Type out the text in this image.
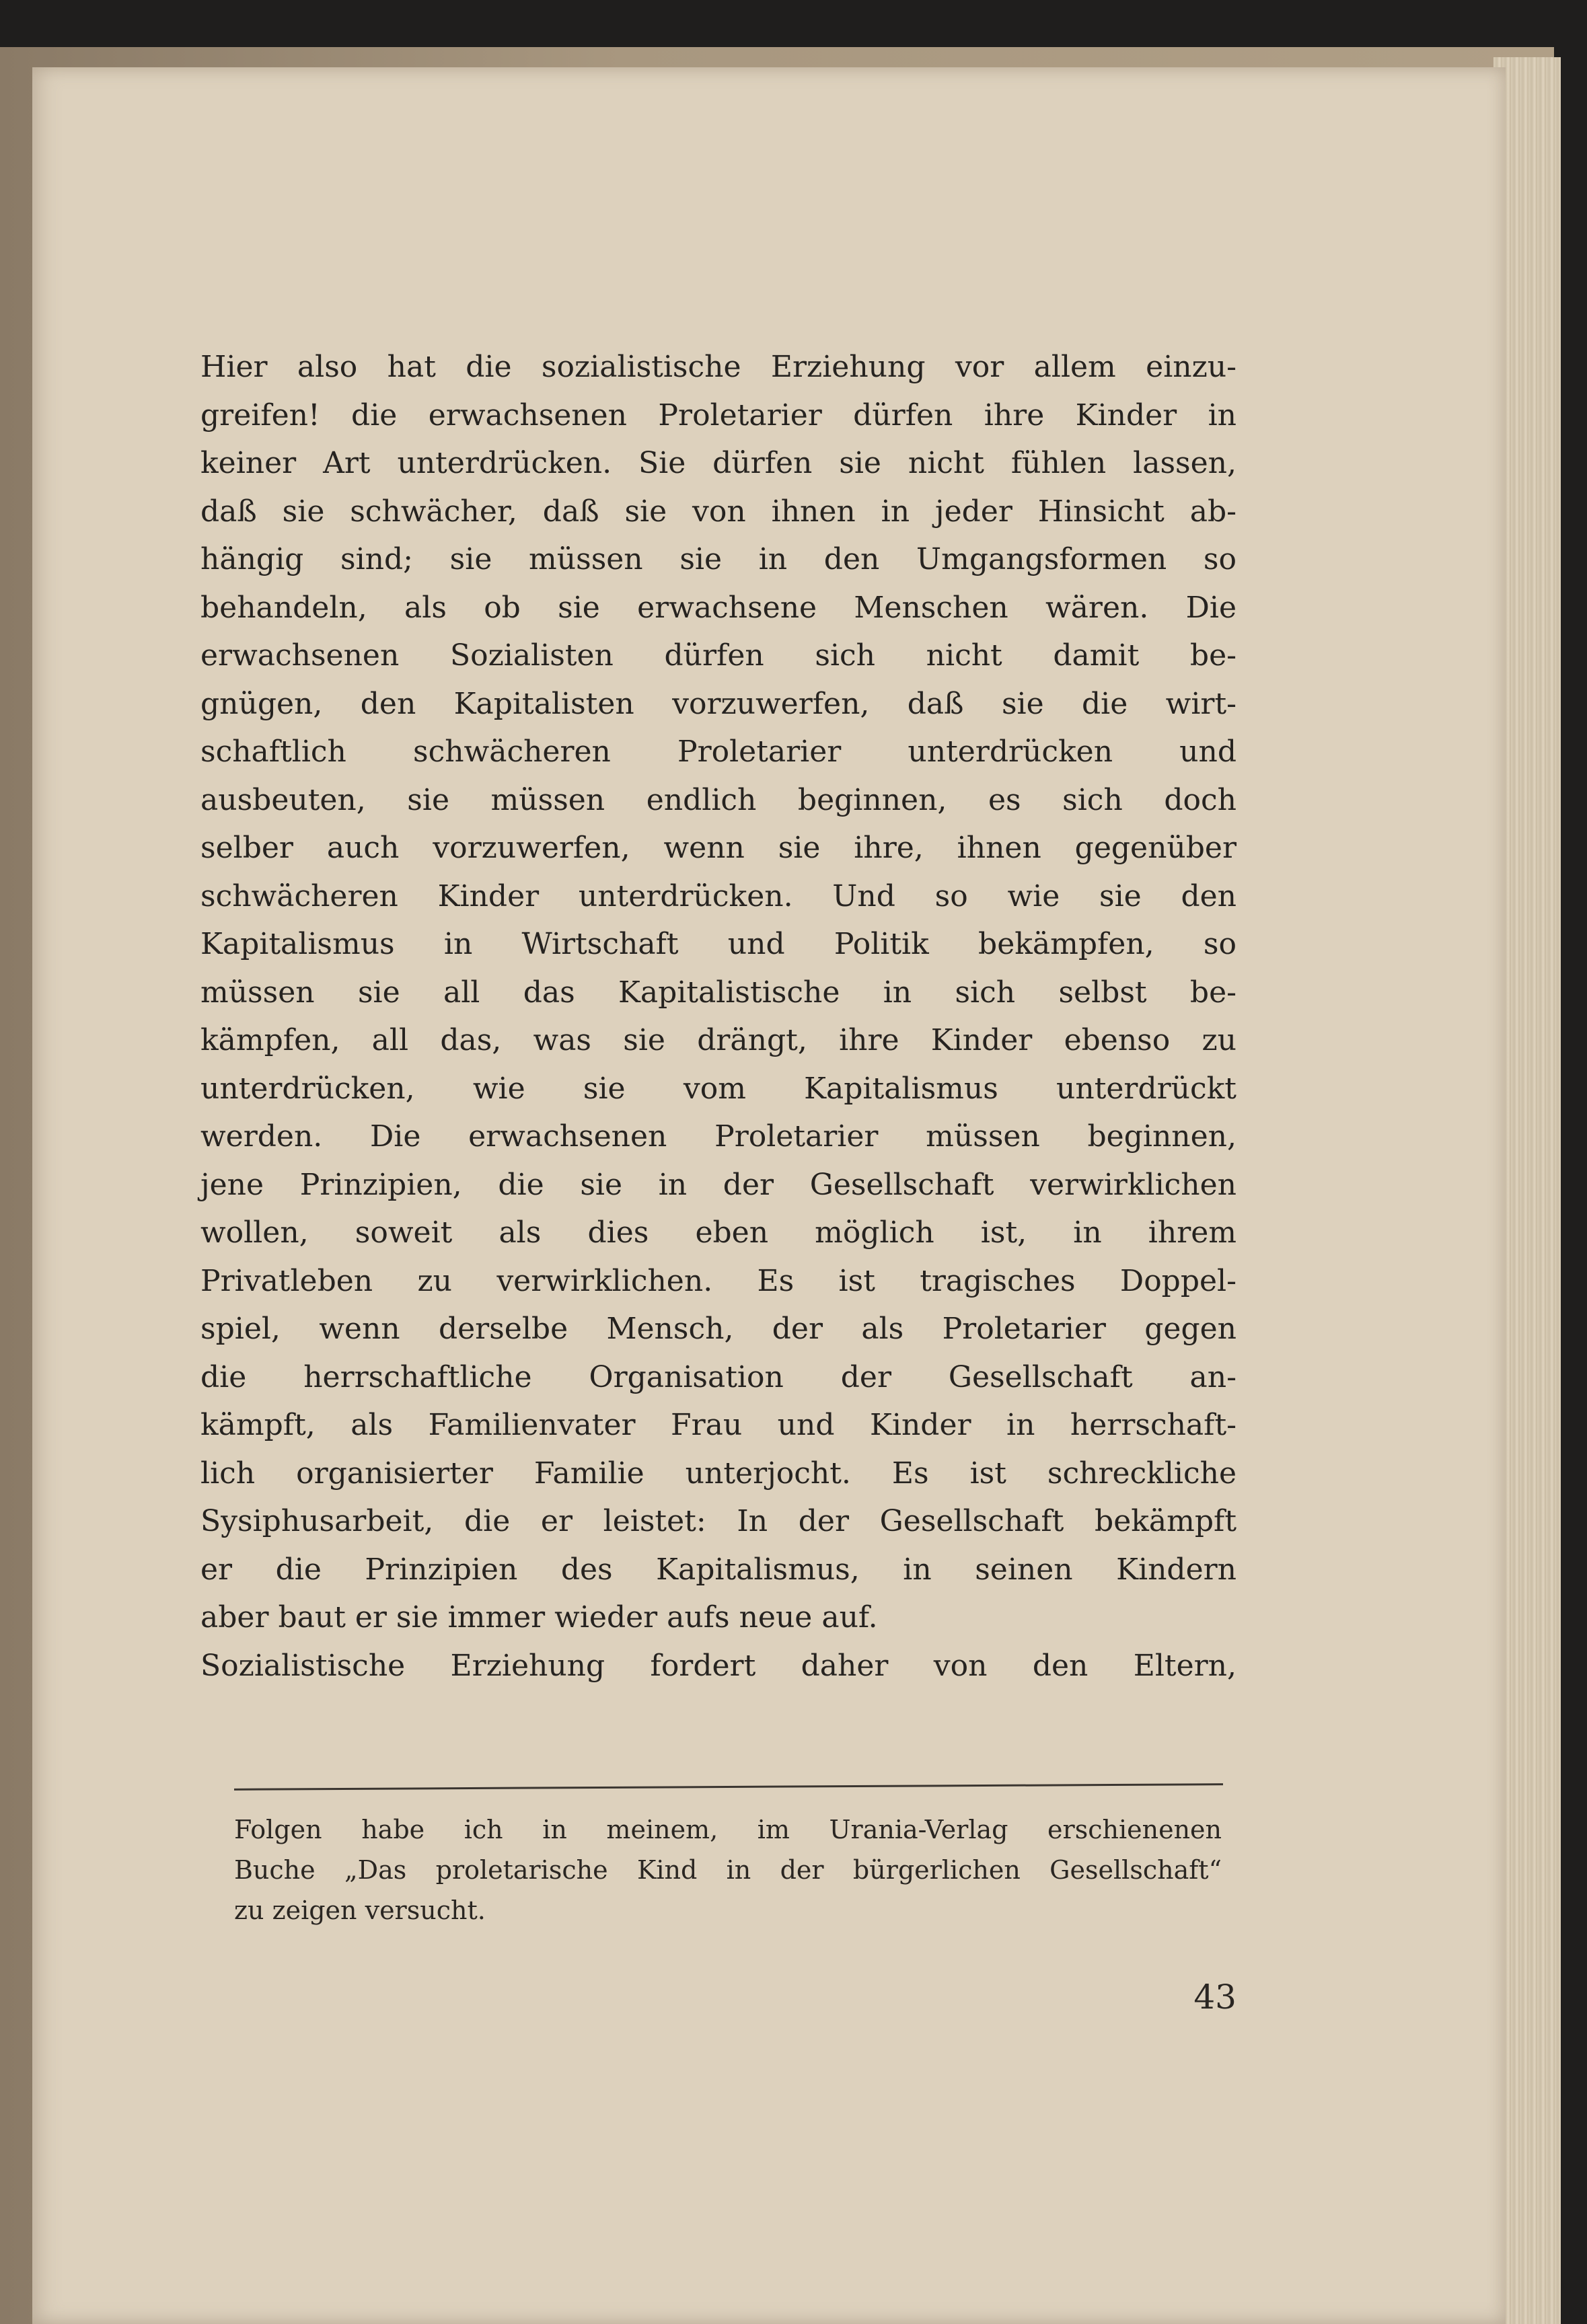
Hier also hat die sozialistische Erziehung vor allem einzu-
greifen! die erwachsenen Proletarier dürfen ihre Kinder in
keiner Art unterdrücken. Sie dürfen sie nicht fühlen lassen,
daß sie schwächer, daß sie von ihnen in jeder Hinsicht ab-
hängig sind; sie müssen sie in den Umgangsformen so
behandeln, als ob sie erwachsene Menschen wären. Die
erwachsenen Sozialisten dürfen sich nicht damit be-
gnügen, den Kapitalisten vorzuwerfen, daß sie die wirt-
schaftlich schwächeren Proletarier unterdrücken und
ausbeuten, sie müssen endlich beginnen, es sich doch
selber auch vorzuwerfen, wenn sie ihre, ihnen gegenüber
schwächeren Kinder unterdrücken. Und so wie sie den
Kapitalismus in Wirtschaft und Politik bekämpfen, so
müssen sie all das Kapitalistische in sich selbst be-
kämpfen, all das, was sie drängt, ihre Kinder ebenso zu
unterdrücken, wie sie vom Kapitalismus unterdrückt
werden. Die erwachsenen Proletarier müssen beginnen,
jene Prinzipien, die sie in der Gesellschaft verwirklichen
wollen, soweit als dies eben möglich ist, in ihrem
Privatleben zu verwirklichen. Es ist tragisches Doppel-
spiel, wenn derselbe Mensch, der als Proletarier gegen
die herrschaftliche Organisation der Gesellschaft an-
kämpft, als Familienvater Frau und Kinder in herrschaft-
lich organisierter Familie unterjocht. Es ist schreckliche
Sysiphusarbeit, die er leistet: In der Gesellschaft bekämpft
er die Prinzipien des Kapitalismus, in seinen Kindern
aber baut er sie immer wieder aufs neue auf.
Sozialistische Erziehung fordert daher von den Eltern,

Folgen habe ich in meinem, im Urania-Verlag erschienenen
Buche „Das proletarische Kind in der bürgerlichen Gesellschaft“
zu zeigen versucht.
43
